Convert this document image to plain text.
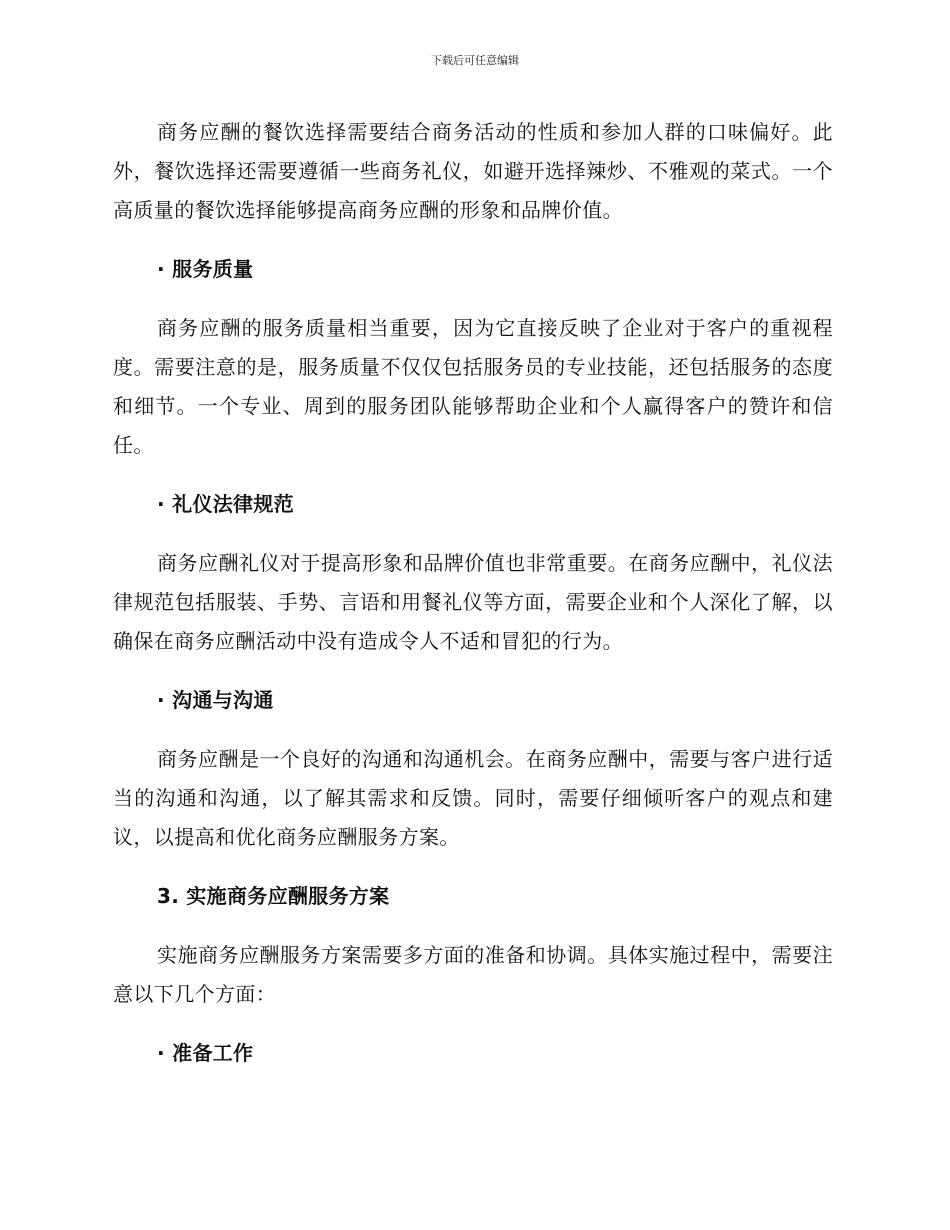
下载后可任意编辑

商务应酬的餐饮选择需要结合商务活动的性质和参加人群的口味偏好。此外，餐饮选择还需要遵循一些商务礼仪，如避开选择辣炒、不雅观的菜式。一个高质量的餐饮选择能够提高商务应酬的形象和品牌价值。

· 服务质量

商务应酬的服务质量相当重要，因为它直接反映了企业对于客户的重视程度。需要注意的是，服务质量不仅仅包括服务员的专业技能，还包括服务的态度和细节。一个专业、周到的服务团队能够帮助企业和个人赢得客户的赞许和信任。

· 礼仪法律规范

商务应酬礼仪对于提高形象和品牌价值也非常重要。在商务应酬中，礼仪法律规范包括服装、手势、言语和用餐礼仪等方面，需要企业和个人深化了解，以确保在商务应酬活动中没有造成令人不适和冒犯的行为。

· 沟通与沟通

商务应酬是一个良好的沟通和沟通机会。在商务应酬中，需要与客户进行适当的沟通和沟通，以了解其需求和反馈。同时，需要仔细倾听客户的观点和建议，以提高和优化商务应酬服务方案。

3. 实施商务应酬服务方案

实施商务应酬服务方案需要多方面的准备和协调。具体实施过程中，需要注意以下几个方面：

· 准备工作
